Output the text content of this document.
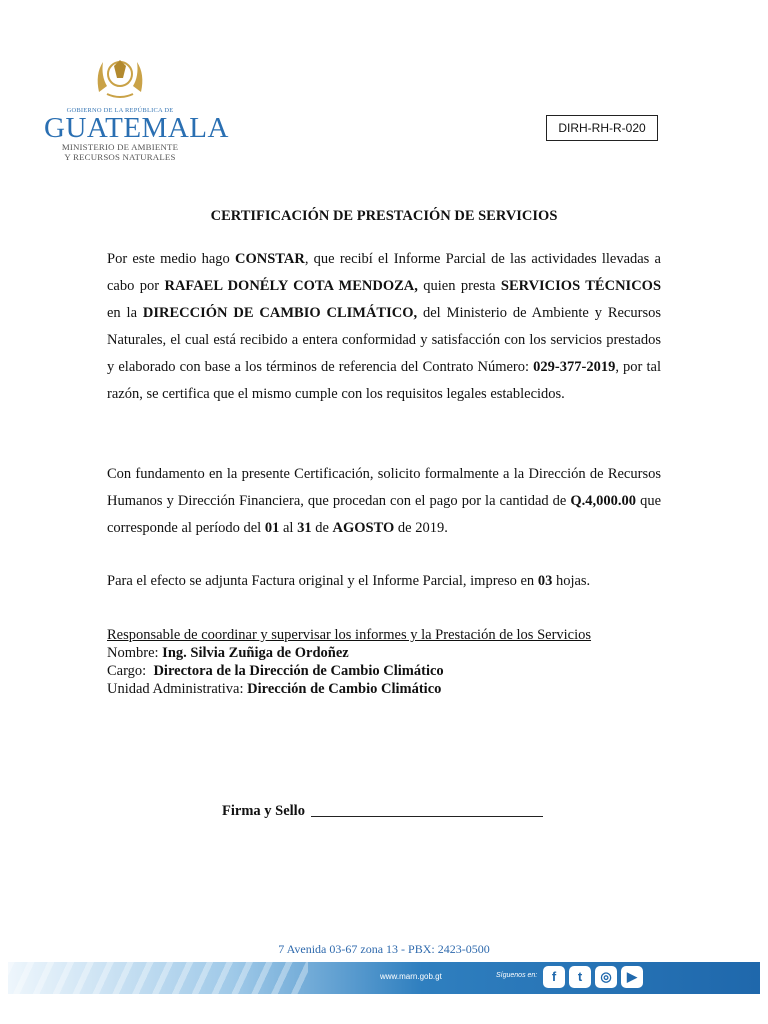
GOBIERNO DE LA REPÚBLICA DE
GUATEMALA
MINISTERIO DE AMBIENTE
Y RECURSOS NATURALES
DIRH-RH-R-020
CERTIFICACIÓN DE PRESTACIÓN DE SERVICIOS
Por este medio hago CONSTAR, que recibí el Informe Parcial de las actividades llevadas a cabo por RAFAEL DONÉLY COTA MENDOZA, quien presta SERVICIOS TÉCNICOS en la DIRECCIÓN DE CAMBIO CLIMÁTICO, del Ministerio de Ambiente y Recursos Naturales, el cual está recibido a entera conformidad y satisfacción con los servicios prestados y elaborado con base a los términos de referencia del Contrato Número: 029-377-2019, por tal razón, se certifica que el mismo cumple con los requisitos legales establecidos.
Con fundamento en la presente Certificación, solicito formalmente a la Dirección de Recursos Humanos y Dirección Financiera, que procedan con el pago por la cantidad de Q.4,000.00 que corresponde al período del 01 al 31 de AGOSTO de 2019.
Para el efecto se adjunta Factura original y el Informe Parcial, impreso en 03 hojas.
Responsable de coordinar y supervisar los informes y la Prestación de los Servicios
Nombre: Ing. Silvia Zuñiga de Ordoñez
Cargo:  Directora de la Dirección de Cambio Climático
Unidad Administrativa: Dirección de Cambio Climático
Firma y Sello
7 Avenida 03-67 zona 13 - PBX: 2423-0500
www.marn.gob.gt	Síguenos en:	f	t	◎	▶
